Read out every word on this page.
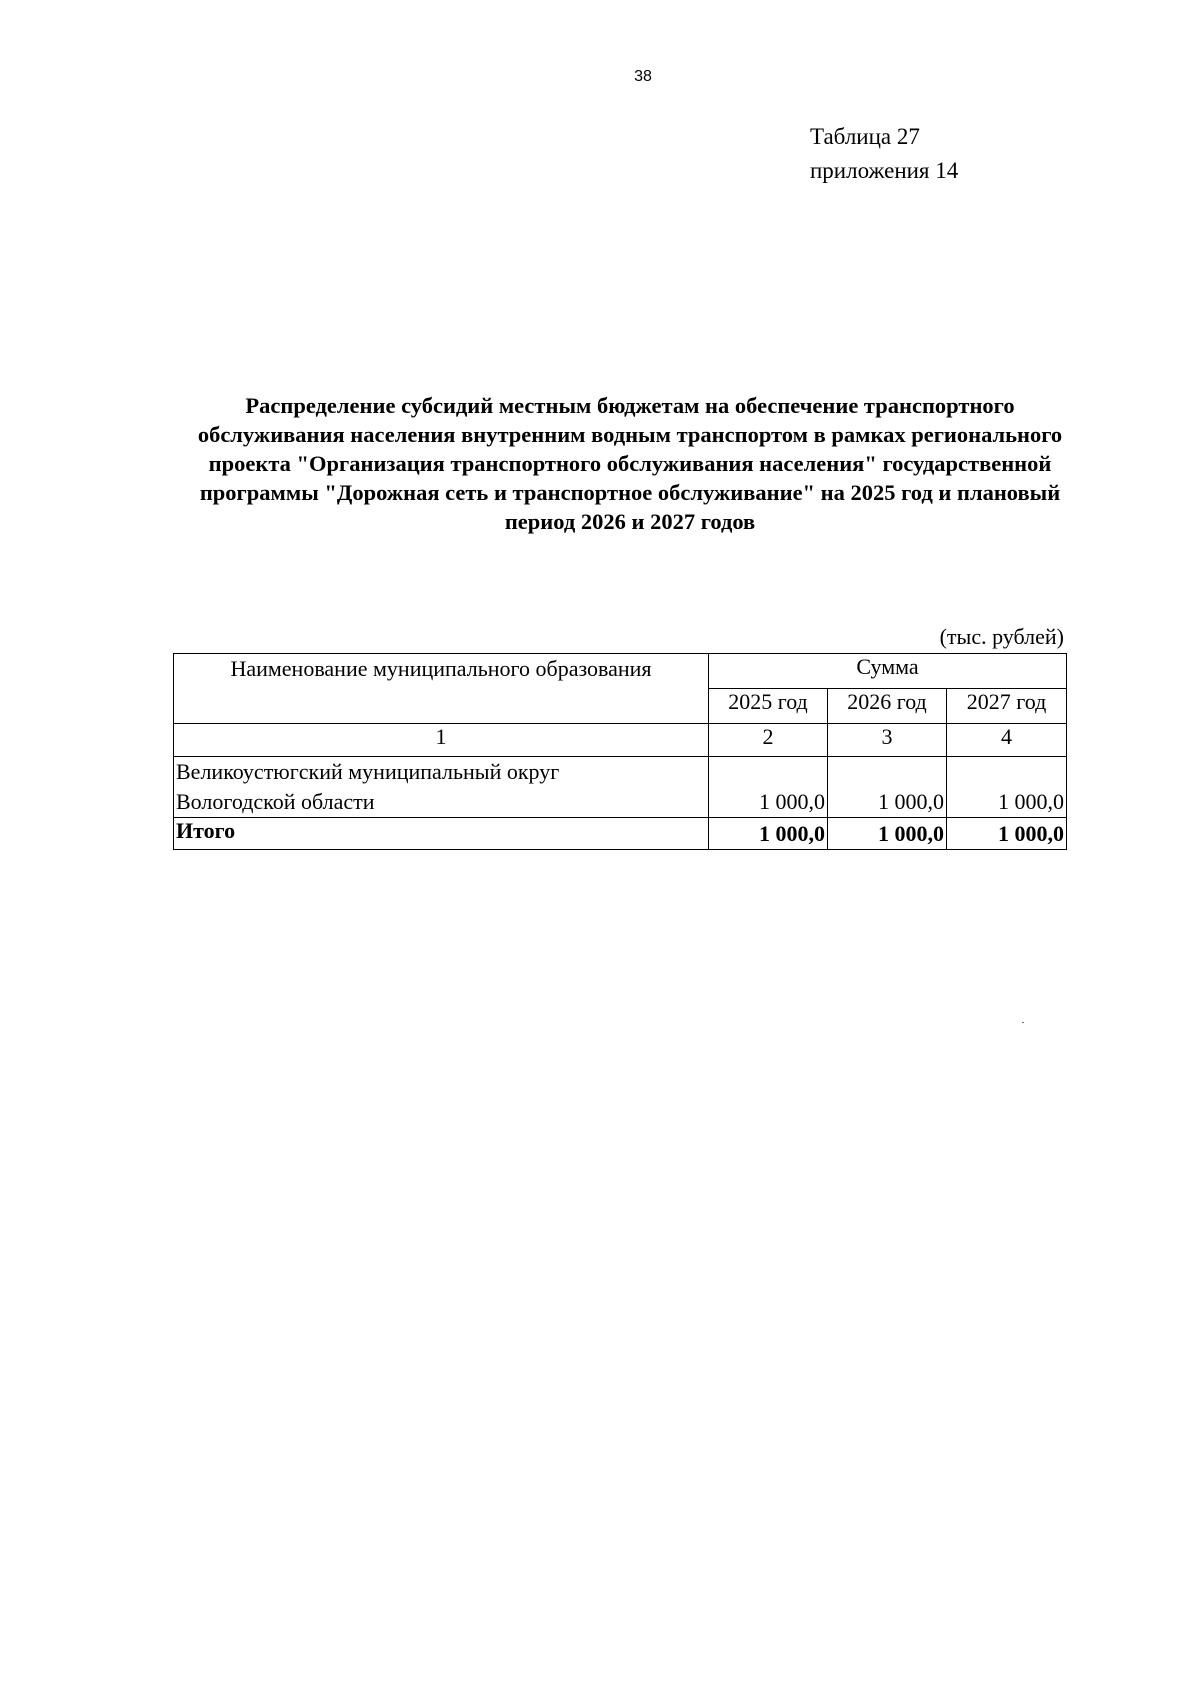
38
Таблица 27
приложения 14
Распределение субсидий местным бюджетам на обеспечение транспортного обслуживания населения внутренним водным транспортом в рамках регионального проекта "Организация транспортного обслуживания населения" государственной программы "Дорожная сеть и транспортное обслуживание" на 2025 год и плановый период 2026 и 2027 годов
(тыс. рублей)
Наименование муниципального образования	Сумма		
	2025 год	2026 год	2027 год
1	2	3	4

Великоустюгский муниципальный округ
Вологодской области	1 000,0	1 000,0	1 000,0
Итого	1 000,0	1 000,0	1 000,0
